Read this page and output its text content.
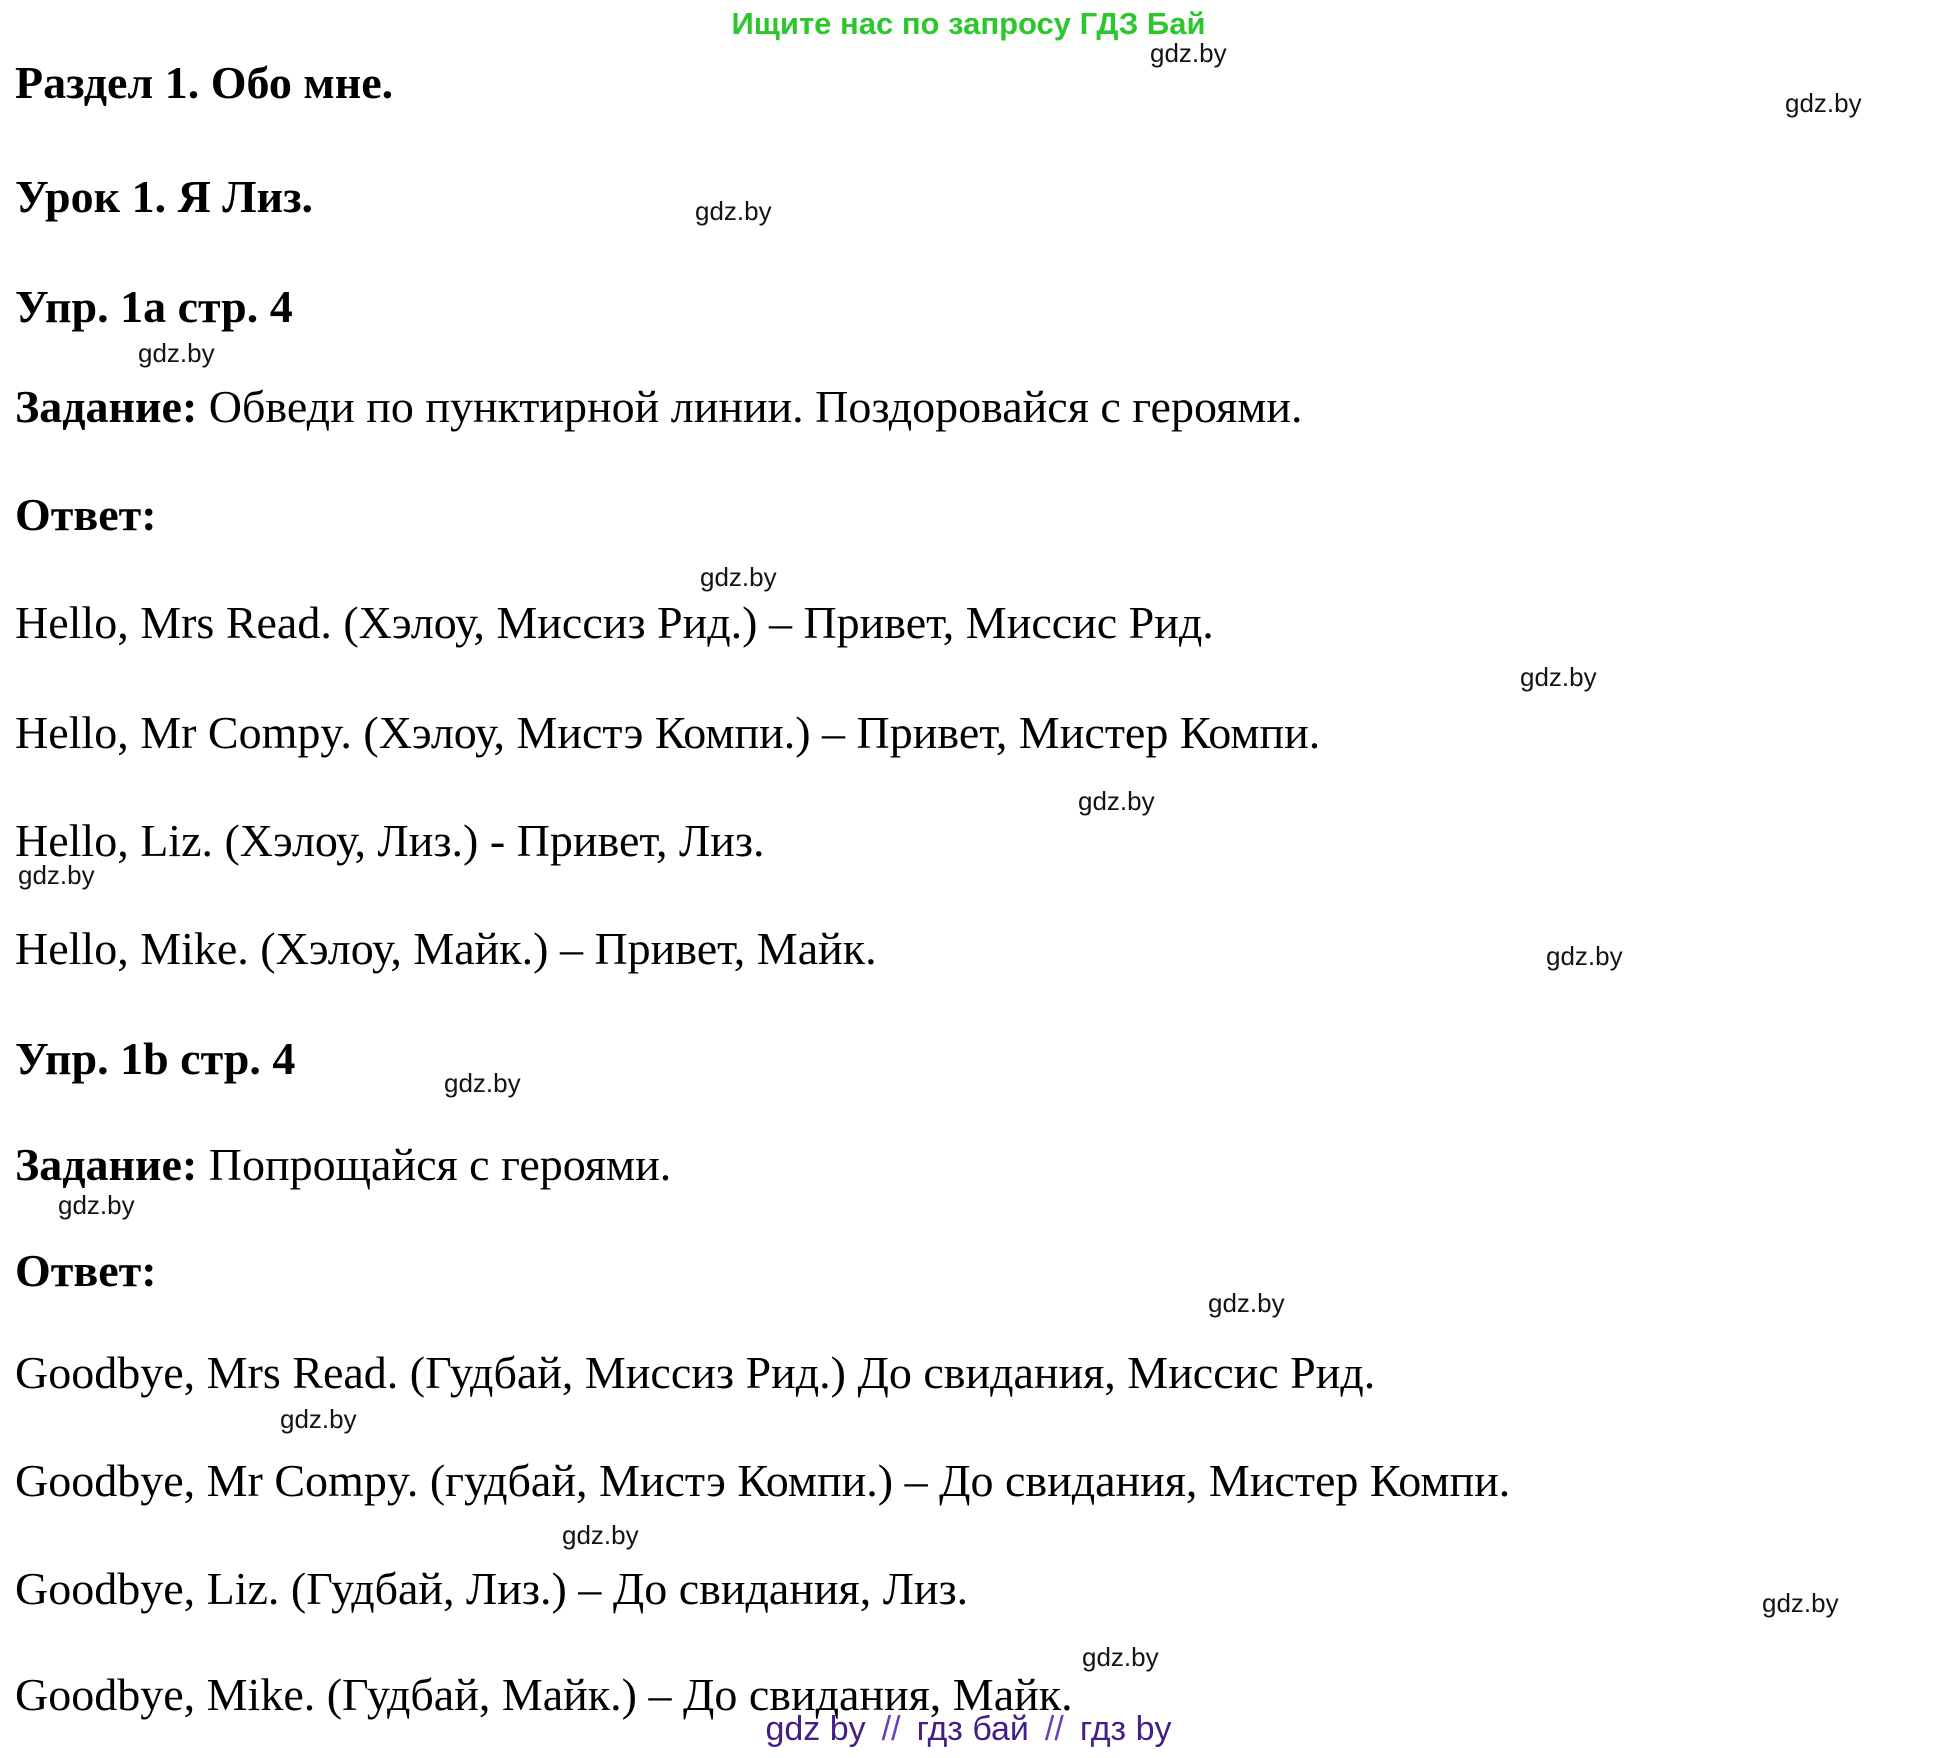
Ищите нас по запросу ГДЗ Бай
gdz.by
gdz.by
gdz.by
gdz.by
gdz.by
gdz.by
gdz.by
gdz.by
gdz.by
gdz.by
gdz.by
gdz.by
gdz.by
gdz.by
gdz.by
gdz.by
Раздел 1. Обо мне.
Урок 1. Я Лиз.
Упр. 1а стр. 4

Задание: Обведи по пунктирной линии. Поздоровайся с героями.

Ответ:

Hello, Mrs Read. (Хэлоу, Миссиз Рид.) – Привет, Миссис Рид.

Hello, Mr Compy. (Хэлоу, Мистэ Компи.) – Привет, Мистер Компи.

Hello, Liz. (Хэлоу, Лиз.) - Привет, Лиз.

Hello, Mike. (Хэлоу, Майк.) – Привет, Майк.

Упр. 1b стр. 4

Задание: Попрощайся с героями.

Ответ:

Goodbye, Mrs Read. (Гудбай, Миссиз Рид.) До свидания, Миссис Рид.

Goodbye, Mr Compy. (гудбай, Мистэ Компи.) – До свидания, Мистер Компи.

Goodbye, Liz. (Гудбай, Лиз.) – До свидания, Лиз.

Goodbye, Mike. (Гудбай, Майк.) – До свидания, Майк.

gdz by // гдз бай // гдз by
